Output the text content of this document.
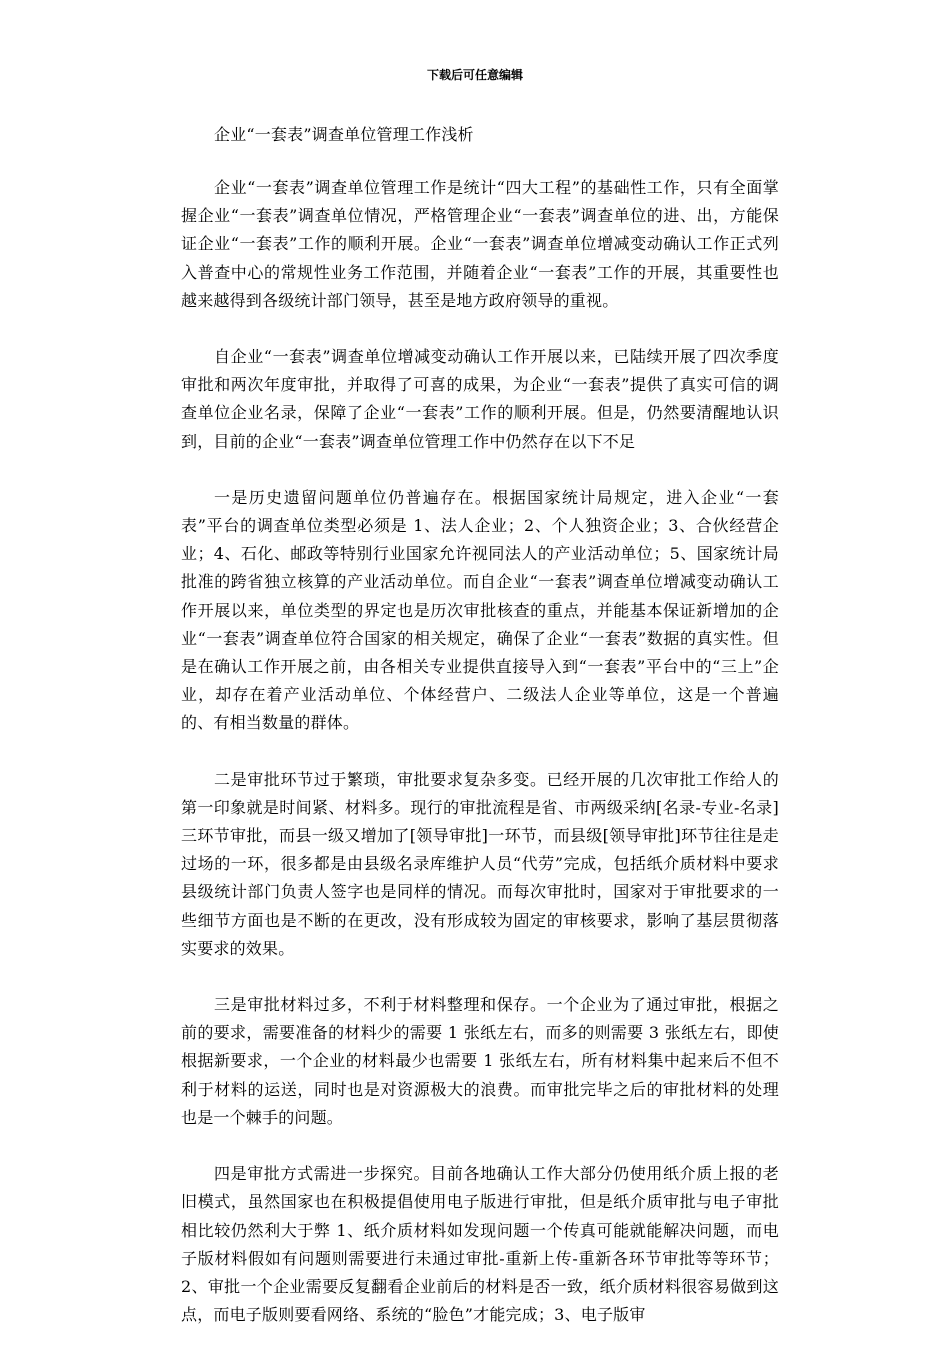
下载后可任意编辑
企业“一套表”调查单位管理工作浅析

企业“一套表”调查单位管理工作是统计“四大工程”的基础性工作，只有全面掌握企业“一套表”调查单位情况，严格管理企业“一套表”调查单位的进、出，方能保证企业“一套表”工作的顺利开展。企业“一套表”调查单位增减变动确认工作正式列入普查中心的常规性业务工作范围，并随着企业“一套表”工作的开展，其重要性也越来越得到各级统计部门领导，甚至是地方政府领导的重视。

自企业“一套表”调查单位增减变动确认工作开展以来，已陆续开展了四次季度审批和两次年度审批，并取得了可喜的成果，为企业“一套表”提供了真实可信的调查单位企业名录，保障了企业“一套表”工作的顺利开展。但是，仍然要清醒地认识到，目前的企业“一套表”调查单位管理工作中仍然存在以下不足

一是历史遗留问题单位仍普遍存在。根据国家统计局规定，进入企业“一套表”平台的调查单位类型必须是 1、法人企业；2、个人独资企业；3、合伙经营企业；4、石化、邮政等特别行业国家允许视同法人的产业活动单位；5、国家统计局批准的跨省独立核算的产业活动单位。而自企业“一套表”调查单位增减变动确认工作开展以来，单位类型的界定也是历次审批核查的重点，并能基本保证新增加的企业“一套表”调查单位符合国家的相关规定，确保了企业“一套表”数据的真实性。但是在确认工作开展之前，由各相关专业提供直接导入到“一套表”平台中的“三上”企业，却存在着产业活动单位、个体经营户、二级法人企业等单位，这是一个普遍的、有相当数量的群体。

二是审批环节过于繁琐，审批要求复杂多变。已经开展的几次审批工作给人的第一印象就是时间紧、材料多。现行的审批流程是省、市两级采纳[名录-专业-名录]三环节审批，而县一级又增加了[领导审批]一环节，而县级[领导审批]环节往往是走过场的一环，很多都是由县级名录库维护人员“代劳”完成，包括纸介质材料中要求县级统计部门负责人签字也是同样的情况。而每次审批时，国家对于审批要求的一些细节方面也是不断的在更改，没有形成较为固定的审核要求，影响了基层贯彻落实要求的效果。

三是审批材料过多，不利于材料整理和保存。一个企业为了通过审批，根据之前的要求，需要准备的材料少的需要 1 张纸左右，而多的则需要 3 张纸左右，即使根据新要求，一个企业的材料最少也需要 1 张纸左右，所有材料集中起来后不但不利于材料的运送，同时也是对资源极大的浪费。而审批完毕之后的审批材料的处理也是一个棘手的问题。

四是审批方式需进一步探究。目前各地确认工作大部分仍使用纸介质上报的老旧模式，虽然国家也在积极提倡使用电子版进行审批，但是纸介质审批与电子审批相比较仍然利大于弊 1、纸介质材料如发现问题一个传真可能就能解决问题，而电子版材料假如有问题则需要进行未通过审批-重新上传-重新各环节审批等等环节；2、审批一个企业需要反复翻看企业前后的材料是否一致，纸介质材料很容易做到这点，而电子版则要看网络、系统的“脸色”才能完成；3、电子版审
